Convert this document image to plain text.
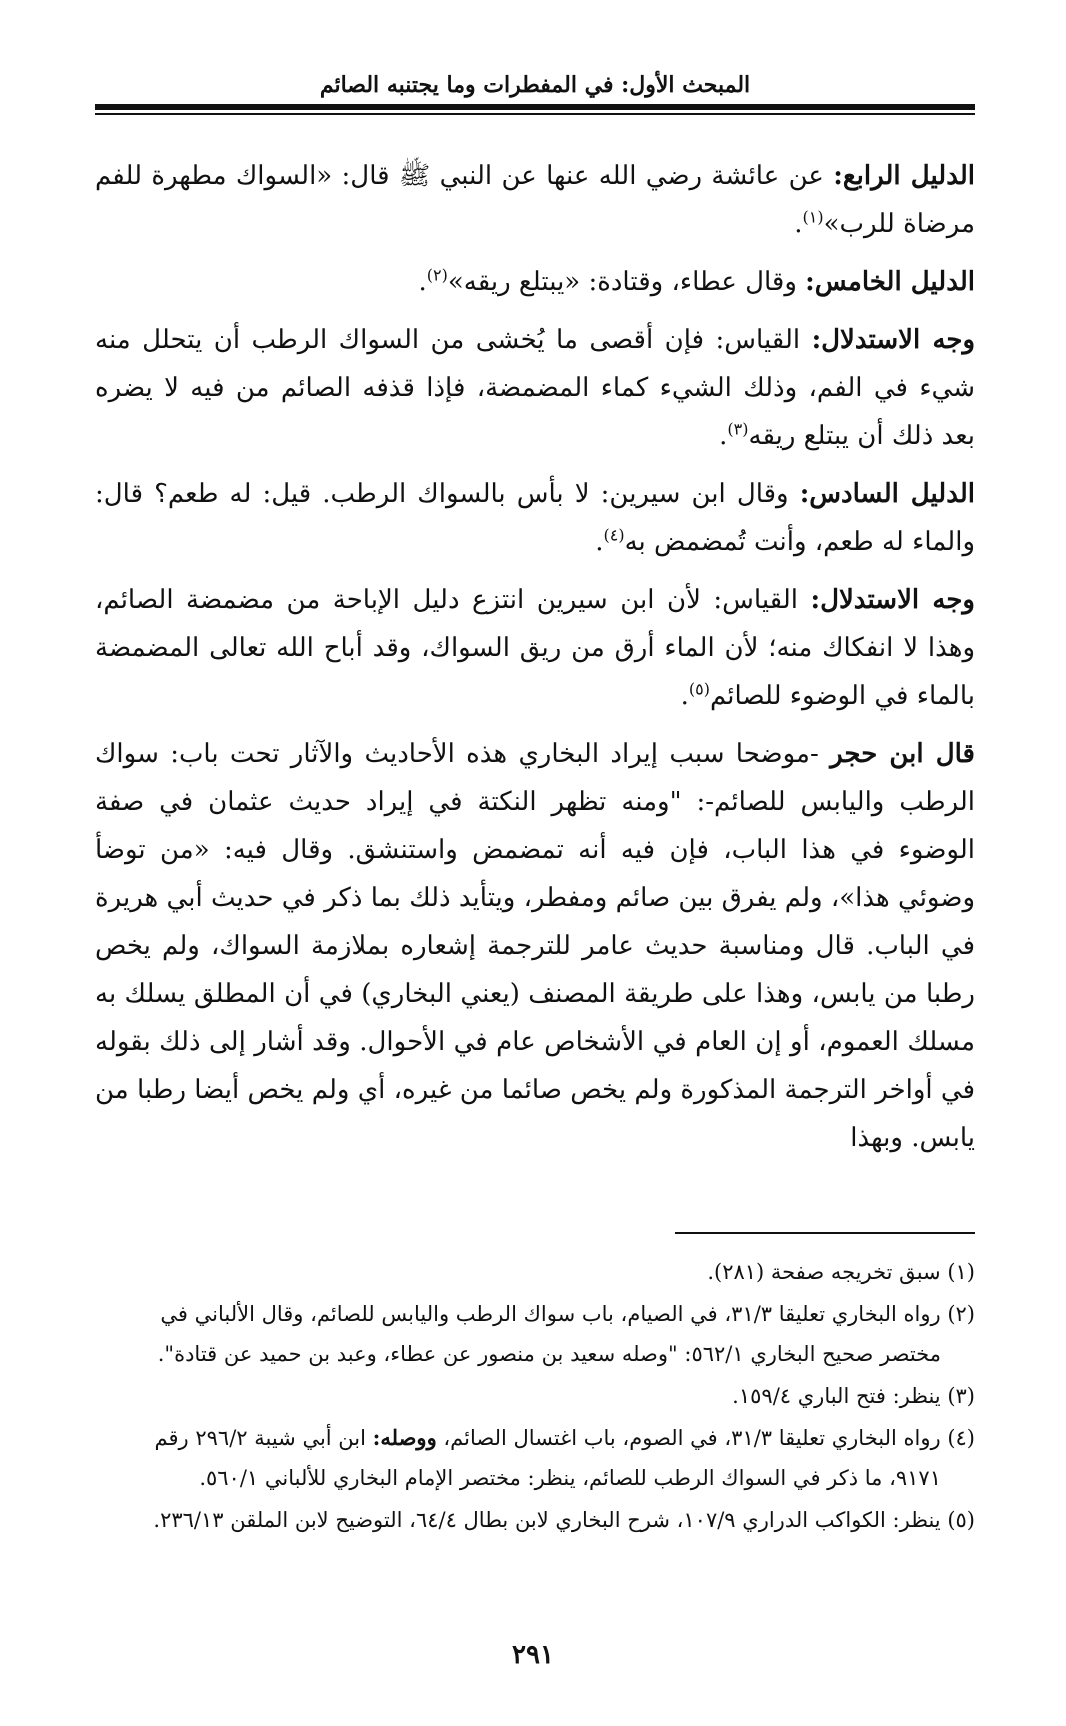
المبحث الأول: في المفطرات وما يجتنبه الصائم

الدليل الرابع: عن عائشة رضي الله عنها عن النبي ﷺ قال: «السواك مطهرة للفم مرضاة للرب»$^{(١)}$.

الدليل الخامس: وقال عطاء، وقتادة: «يبتلع ريقه»$^{(٢)}$.

وجه الاستدلال: القياس: فإن أقصى ما يُخشى من السواك الرطب أن يتحلل منه شيء في الفم، وذلك الشيء كماء المضمضة، فإذا قذفه الصائم من فيه لا يضره بعد ذلك أن يبتلع ريقه$^{(٣)}$.

الدليل السادس: وقال ابن سيرين: لا بأس بالسواك الرطب. قيل: له طعم؟ قال: والماء له طعم، وأنت تُمضمض به$^{(٤)}$.

وجه الاستدلال: القياس: لأن ابن سيرين انتزع دليل الإباحة من مضمضة الصائم، وهذا لا انفكاك منه؛ لأن الماء أرق من ريق السواك، وقد أباح الله تعالى المضمضة بالماء في الوضوء للصائم$^{(٥)}$.

قال ابن حجر -موضحا سبب إيراد البخاري هذه الأحاديث والآثار تحت باب: سواك الرطب واليابس للصائم-: "ومنه تظهر النكتة في إيراد حديث عثمان في صفة الوضوء في هذا الباب، فإن فيه أنه تمضمض واستنشق. وقال فيه: «من توضأ وضوئي هذا»، ولم يفرق بين صائم ومفطر، ويتأيد ذلك بما ذكر في حديث أبي هريرة في الباب. قال ومناسبة حديث عامر للترجمة إشعاره بملازمة السواك، ولم يخص رطبا من يابس، وهذا على طريقة المصنف (يعني البخاري) في أن المطلق يسلك به مسلك العموم، أو إن العام في الأشخاص عام في الأحوال. وقد أشار إلى ذلك بقوله في أواخر الترجمة المذكورة ولم يخص صائما من غيره، أي ولم يخص أيضا رطبا من يابس. وبهذا

(١) سبق تخريجه صفحة (٢٨١).
(٢) رواه البخاري تعليقا ٣١/٣، في الصيام، باب سواك الرطب واليابس للصائم، وقال الألباني في
مختصر صحيح البخاري ٥٦٢/١: "وصله سعيد بن منصور عن عطاء، وعبد بن حميد عن قتادة".
(٣) ينظر: فتح الباري ١٥٩/٤.
(٤) رواه البخاري تعليقا ٣١/٣، في الصوم، باب اغتسال الصائم، ووصله: ابن أبي شيبة ٢٩٦/٢ رقم
٩١٧١، ما ذكر في السواك الرطب للصائم، ينظر: مختصر الإمام البخاري للألباني ٥٦٠/١.
(٥) ينظر: الكواكب الدراري ١٠٧/٩، شرح البخاري لابن بطال ٦٤/٤، التوضيح لابن الملقن ٢٣٦/١٣.
٢٩١
